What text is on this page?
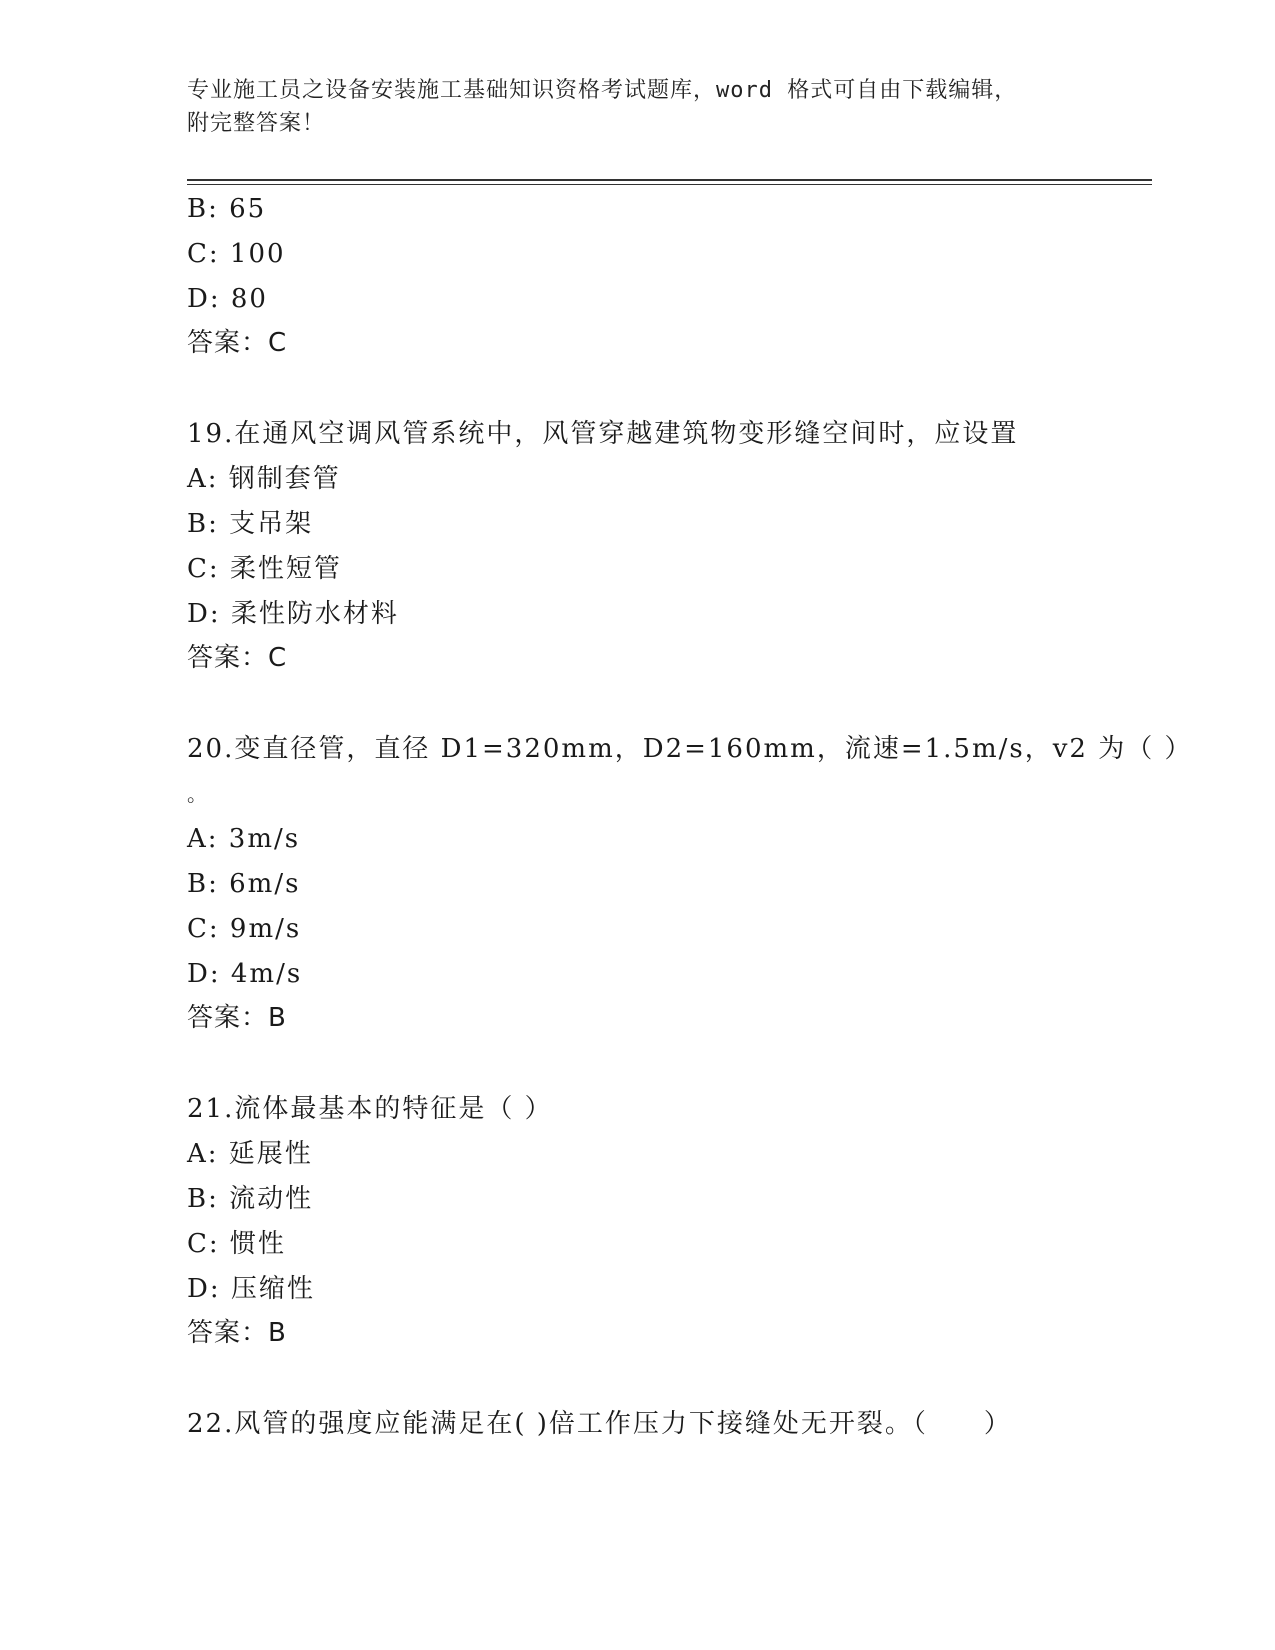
专业施工员之设备安装施工基础知识资格考试题库，word 格式可自由下载编辑，
附完整答案！
B: 65
C: 100
D: 80
答案：C
19.在通风空调风管系统中，风管穿越建筑物变形缝空间时，应设置
A: 钢制套管
B: 支吊架
C: 柔性短管
D: 柔性防水材料
答案：C
20.变直径管，直径 D1=320mm，D2=160mm，流速=1.5m/s，v2 为（ ）
。
A: 3m/s
B: 6m/s
C: 9m/s
D: 4m/s
答案：B
21.流体最基本的特征是（ ）
A: 延展性
B: 流动性
C: 惯性
D: 压缩性
答案：B
22.风管的强度应能满足在( )倍工作压力下接缝处无开裂。（　　）
